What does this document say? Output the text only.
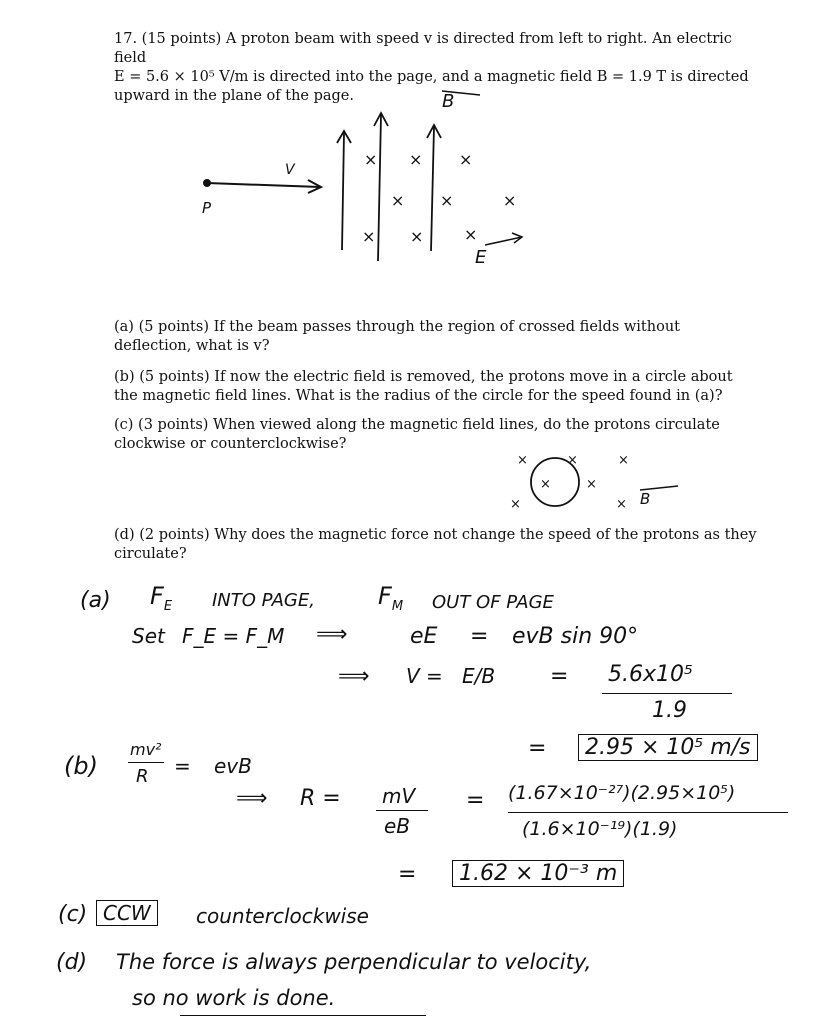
17. (15 points) A proton beam with speed v is directed from left to right. An electric field
E = 5.6 × 10⁵ V/m is directed into the page, and a magnetic field B = 1.9 T is directed
upward in the plane of the page.
V
P
B
× × ×
× ×	×
× ×	×
E
(a) (5 points) If the beam passes through the region of crossed fields without deflection, what is v?
(b) (5 points) If now the electric field is removed, the protons move in a circle about the magnetic field lines. What is the radius of the circle for the speed found in (a)?
(c) (3 points) When viewed along the magnetic field lines, do the protons circulate clockwise or counterclockwise?
×	×	×
×	×
×	× B
(d) (2 points) Why does the magnetic force not change the speed of the protons as they circulate?
(a) $F_E$ INTO PAGE,	$F_M$ OUT OF PAGE
Set F_E = F_M ⟹	eE = evB sin 90°
⟹ V = E/B = 5.6x10⁵
1.9
=	2.95 × 10⁵ m/s
(b)
mv²
R = evB
⟹ R = mV
eB
= (1.67×10⁻²⁷)(2.95×10⁵)
(1.6×10⁻¹⁹)(1.9)
=	1.62 × 10⁻³ m
(c) CCW	counterclockwise
(d) The force is always perpendicular to velocity,
so no work is done.
